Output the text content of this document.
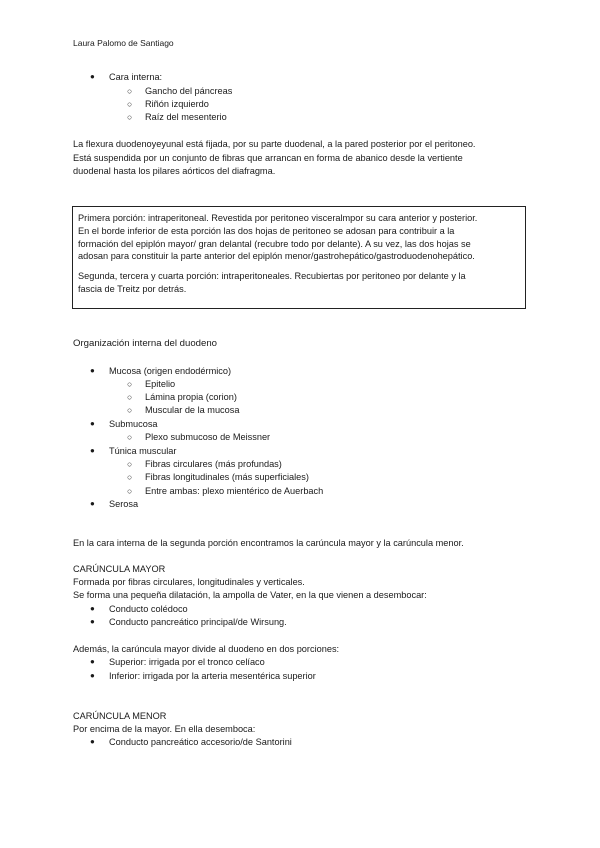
Laura Palomo de Santiago
● Cara interna:
○ Gancho del páncreas
○ Riñón izquierdo
○ Raíz del mesenterio
La flexura duodenoyeyunal está fijada, por su parte duodenal, a la pared posterior por el peritoneo.
Está suspendida por un conjunto de fibras que arrancan en forma de abanico desde la vertiente
duodenal hasta los pilares aórticos del diafragma.
Primera porción: intraperitoneal. Revestida por peritoneo visceralmpor su cara anterior y posterior.
En el borde inferior de esta porción las dos hojas de peritoneo se adosan para contribuir a la
formación del epiplón mayor/ gran delantal (recubre todo por delante). A su vez, las dos hojas se
adosan para constituir la parte anterior del epiplón menor/gastrohepático/gastroduodenohepático.
Segunda, tercera y cuarta porción: intraperitoneales. Recubiertas por peritoneo por delante y la
fascia de Treitz por detrás.
Organización interna del duodeno
● Mucosa (origen endodérmico)
○ Epitelio
○ Lámina propia (corion)
○ Muscular de la mucosa
● Submucosa
○ Plexo submucoso de Meissner
● Túnica muscular
○ Fibras circulares (más profundas)
○ Fibras longitudinales (más superficiales)
○ Entre ambas: plexo mientérico de Auerbach
● Serosa
En la cara interna de la segunda porción encontramos la carúncula mayor y la carúncula menor.
CARÚNCULA MAYOR
Formada por fibras circulares, longitudinales y verticales.
Se forma una pequeña dilatación, la ampolla de Vater, en la que vienen a desembocar:
● Conducto colédoco
● Conducto pancreático principal/de Wirsung.
Además, la carúncula mayor divide al duodeno en dos porciones:
● Superior: irrigada por el tronco celíaco
● Inferior: irrigada por la arteria mesentérica superior
CARÚNCULA MENOR
Por encima de la mayor. En ella desemboca:
● Conducto pancreático accesorio/de Santorini
